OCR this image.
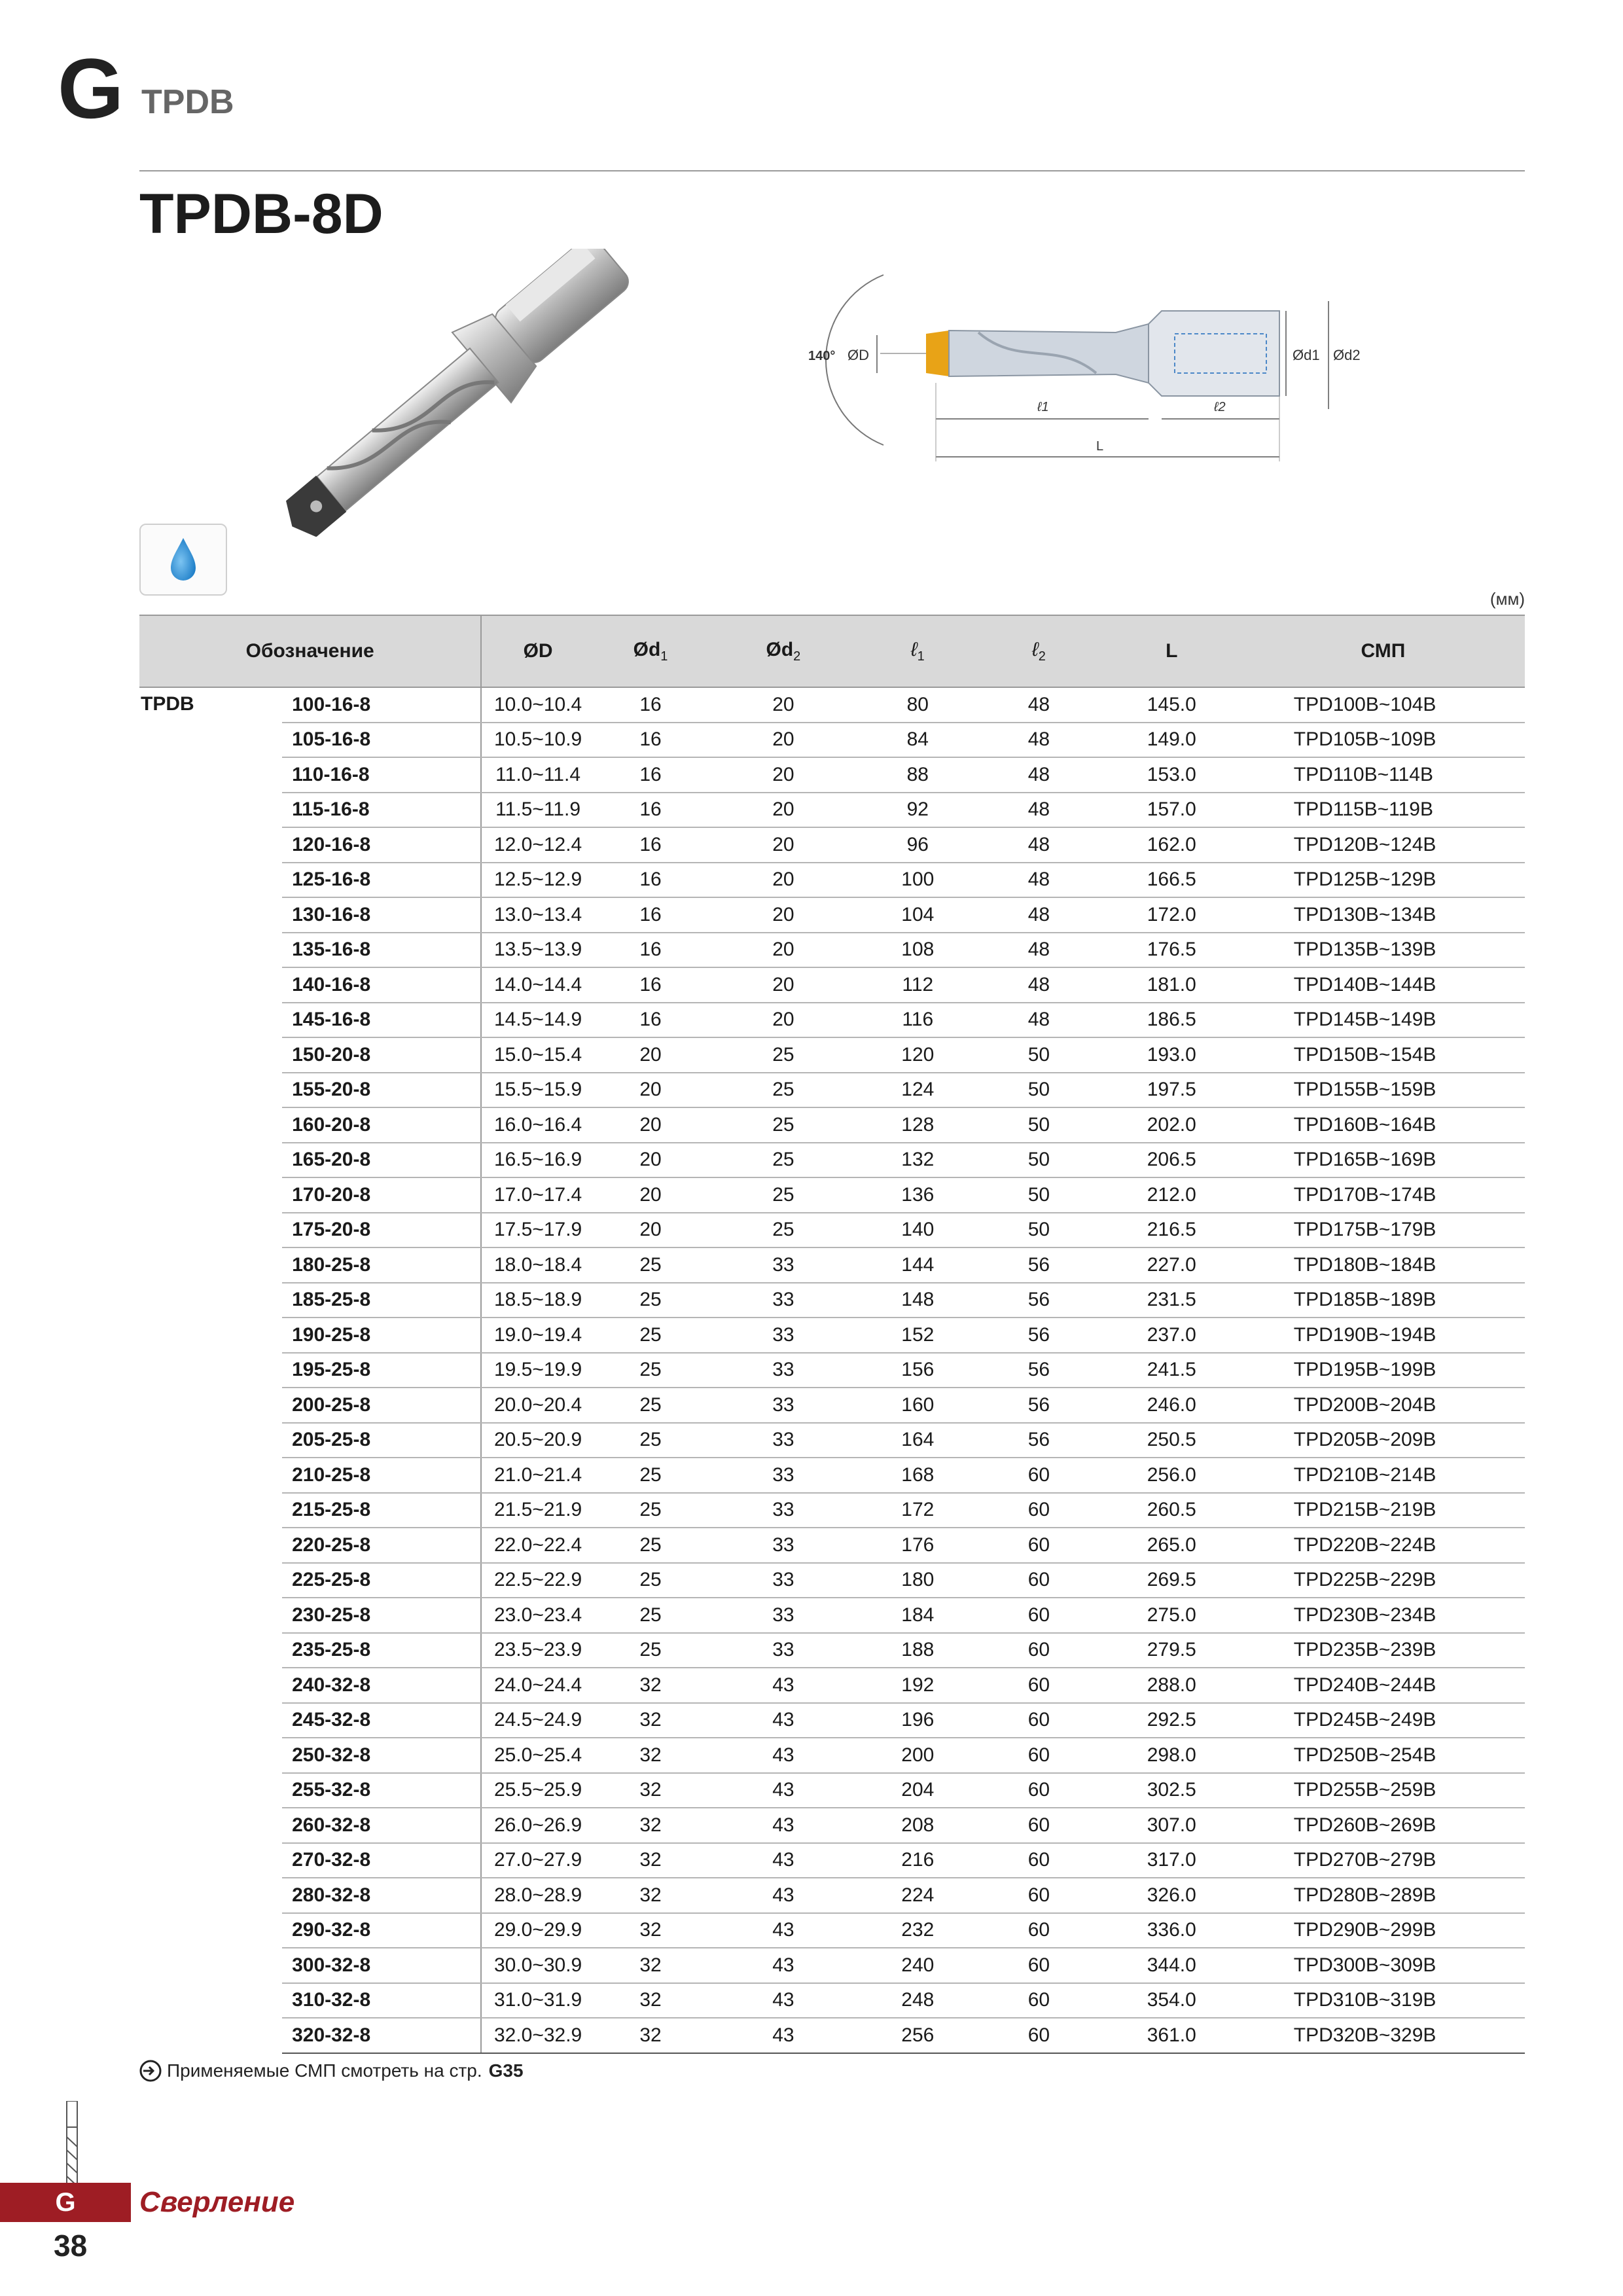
G TPDB
TPDB-8D
140° ØD	Ød1 Ød2
ℓ1	ℓ2
L
(мм)
Обозначение		ØD	$Ød_1$	$Ød_2$	ℓ$_1$	ℓ$_2$	L	СМП
TPDB	100-16-8	10.0~10.4	16	20	80	48	145.0	TPD100B~104B
	105-16-8	10.5~10.9	16	20	84	48	149.0	TPD105B~109B
	110-16-8	11.0~11.4	16	20	88	48	153.0	TPD110B~114B
	115-16-8	11.5~11.9	16	20	92	48	157.0	TPD115B~119B
	120-16-8	12.0~12.4	16	20	96	48	162.0	TPD120B~124B
	125-16-8	12.5~12.9	16	20	100	48	166.5	TPD125B~129B
	130-16-8	13.0~13.4	16	20	104	48	172.0	TPD130B~134B
	135-16-8	13.5~13.9	16	20	108	48	176.5	TPD135B~139B
	140-16-8	14.0~14.4	16	20	112	48	181.0	TPD140B~144B
	145-16-8	14.5~14.9	16	20	116	48	186.5	TPD145B~149B
	150-20-8	15.0~15.4	20	25	120	50	193.0	TPD150B~154B
	155-20-8	15.5~15.9	20	25	124	50	197.5	TPD155B~159B
	160-20-8	16.0~16.4	20	25	128	50	202.0	TPD160B~164B
	165-20-8	16.5~16.9	20	25	132	50	206.5	TPD165B~169B
	170-20-8	17.0~17.4	20	25	136	50	212.0	TPD170B~174B
	175-20-8	17.5~17.9	20	25	140	50	216.5	TPD175B~179B
	180-25-8	18.0~18.4	25	33	144	56	227.0	TPD180B~184B
	185-25-8	18.5~18.9	25	33	148	56	231.5	TPD185B~189B
	190-25-8	19.0~19.4	25	33	152	56	237.0	TPD190B~194B
	195-25-8	19.5~19.9	25	33	156	56	241.5	TPD195B~199B
	200-25-8	20.0~20.4	25	33	160	56	246.0	TPD200B~204B
	205-25-8	20.5~20.9	25	33	164	56	250.5	TPD205B~209B
	210-25-8	21.0~21.4	25	33	168	60	256.0	TPD210B~214B
	215-25-8	21.5~21.9	25	33	172	60	260.5	TPD215B~219B
	220-25-8	22.0~22.4	25	33	176	60	265.0	TPD220B~224B
	225-25-8	22.5~22.9	25	33	180	60	269.5	TPD225B~229B
	230-25-8	23.0~23.4	25	33	184	60	275.0	TPD230B~234B
	235-25-8	23.5~23.9	25	33	188	60	279.5	TPD235B~239B
	240-32-8	24.0~24.4	32	43	192	60	288.0	TPD240B~244B
	245-32-8	24.5~24.9	32	43	196	60	292.5	TPD245B~249B
	250-32-8	25.0~25.4	32	43	200	60	298.0	TPD250B~254B
	255-32-8	25.5~25.9	32	43	204	60	302.5	TPD255B~259B
	260-32-8	26.0~26.9	32	43	208	60	307.0	TPD260B~269B
	270-32-8	27.0~27.9	32	43	216	60	317.0	TPD270B~279B
	280-32-8	28.0~28.9	32	43	224	60	326.0	TPD280B~289B
	290-32-8	29.0~29.9	32	43	232	60	336.0	TPD290B~299B
	300-32-8	30.0~30.9	32	43	240	60	344.0	TPD300B~309B
	310-32-8	31.0~31.9	32	43	248	60	354.0	TPD310B~319B
	320-32-8	32.0~32.9	32	43	256	60	361.0	TPD320B~329B
Применяемые СМП смотреть на стр. G35
G	Сверление
38
